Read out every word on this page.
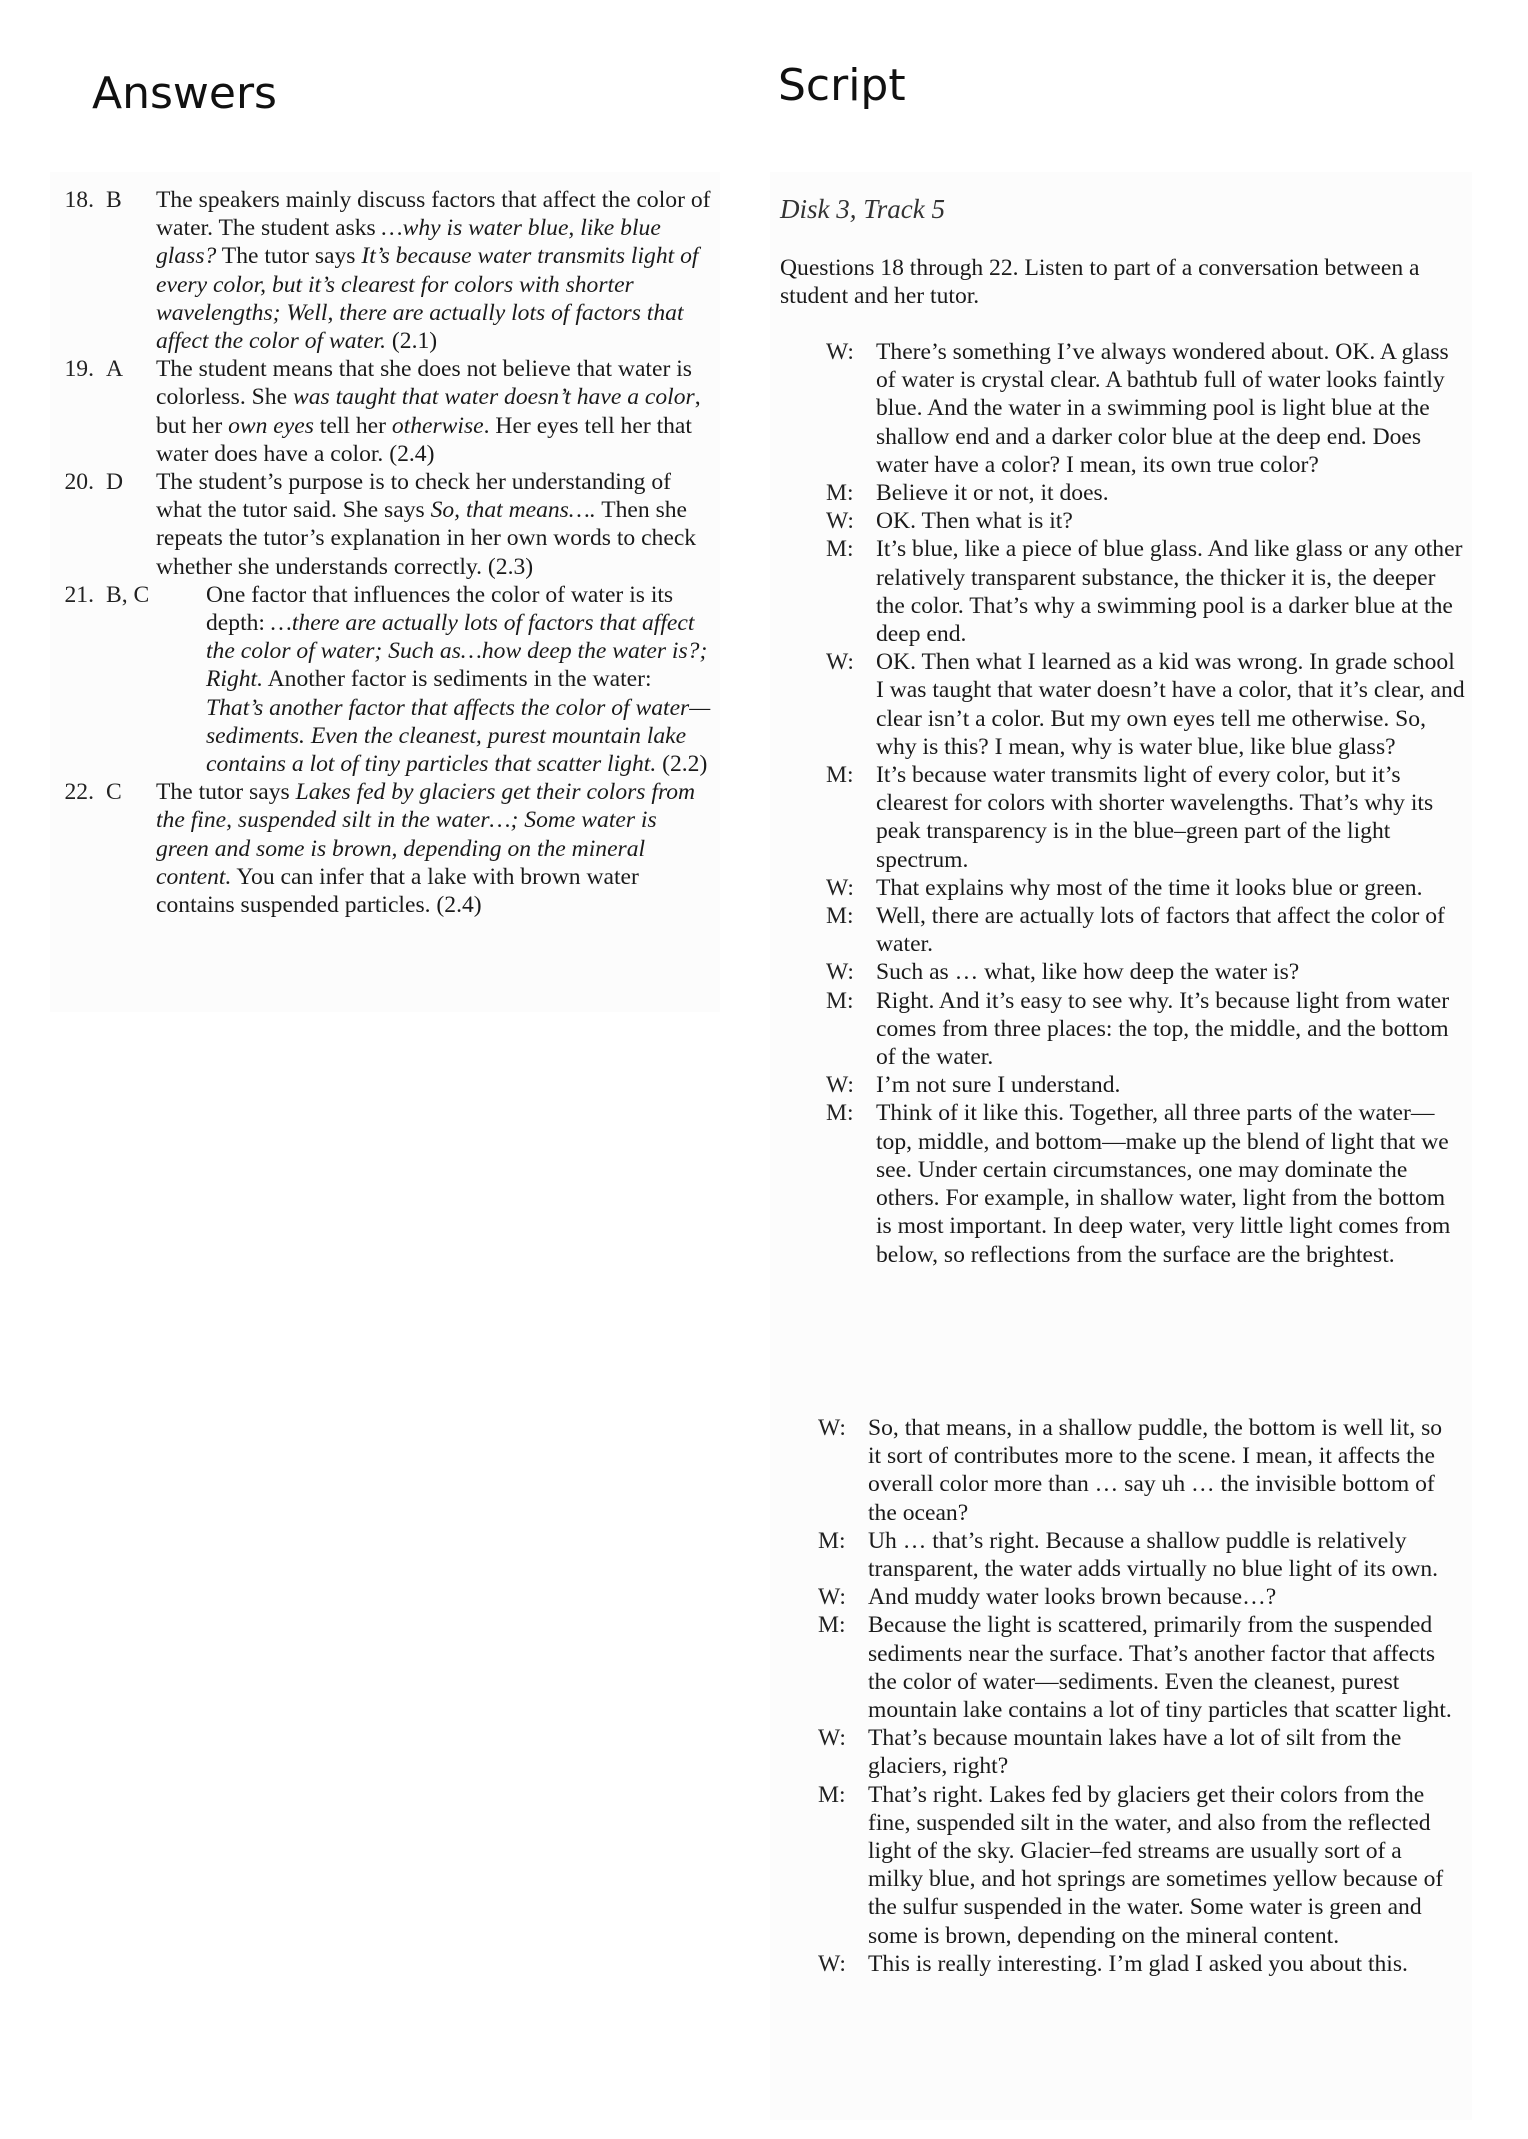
Answers	Script
18. B	The speakers mainly discuss factors that affect the color of water. The student asks …why is water blue, like blue glass? The tutor says It’s because water transmits light of every color, but it’s clearest for colors with shorter wavelengths; Well, there are actually lots of factors that affect the color of water. (2.1)
19. A	The student means that she does not believe that water is colorless. She was taught that water doesn’t have a color, but her own eyes tell her otherwise. Her eyes tell her that water does have a color. (2.4)
20. D	The student’s purpose is to check her understanding of what the tutor said. She says So, that means…. Then she repeats the tutor’s explanation in her own words to check whether she understands correctly. (2.3)
21. B, C	One factor that influences the color of water is its depth: …there are actually lots of factors that affect the color of water; Such as…how deep the water is?; Right. Another factor is sediments in the water: That’s another factor that affects the color of water—sediments. Even the cleanest, purest mountain lake contains a lot of tiny particles that scatter light. (2.2)
22. C	The tutor says Lakes fed by glaciers get their colors from the fine, suspended silt in the water…; Some water is green and some is brown, depending on the mineral content. You can infer that a lake with brown water contains suspended particles. (2.4)

Disk 3, Track 5

Questions 18 through 22. Listen to part of a conversation between a student and her tutor.

W: There’s something I’ve always wondered about. OK. A glass of water is crystal clear. A bathtub full of water looks faintly blue. And the water in a swimming pool is light blue at the shallow end and a darker color blue at the deep end. Does water have a color? I mean, its own true color?
M: Believe it or not, it does.
W: OK. Then what is it?
M: It’s blue, like a piece of blue glass. And like glass or any other relatively transparent substance, the thicker it is, the deeper the color. That’s why a swimming pool is a darker blue at the deep end.
W: OK. Then what I learned as a kid was wrong. In grade school I was taught that water doesn’t have a color, that it’s clear, and clear isn’t a color. But my own eyes tell me otherwise. So, why is this? I mean, why is water blue, like blue glass?
M: It’s because water transmits light of every color, but it’s clearest for colors with shorter wavelengths. That’s why its peak transparency is in the blue–green part of the light spectrum.
W: That explains why most of the time it looks blue or green.
M: Well, there are actually lots of factors that affect the color of water.
W: Such as … what, like how deep the water is?
M: Right. And it’s easy to see why. It’s because light from water comes from three places: the top, the middle, and the bottom of the water.
W: I’m not sure I understand.
M: Think of it like this. Together, all three parts of the water—top, middle, and bottom—make up the blend of light that we see. Under certain circumstances, one may dominate the others. For example, in shallow water, light from the bottom is most important. In deep water, very little light comes from below, so reflections from the surface are the brightest.
W: So, that means, in a shallow puddle, the bottom is well lit, so it sort of contributes more to the scene. I mean, it affects the overall color more than … say uh … the invisible bottom of the ocean?
M: Uh … that’s right. Because a shallow puddle is relatively transparent, the water adds virtually no blue light of its own.
W: And muddy water looks brown because…?
M: Because the light is scattered, primarily from the suspended sediments near the surface. That’s another factor that affects the color of water—sediments. Even the cleanest, purest mountain lake contains a lot of tiny particles that scatter light.
W: That’s because mountain lakes have a lot of silt from the glaciers, right?
M: That’s right. Lakes fed by glaciers get their colors from the fine, suspended silt in the water, and also from the reflected light of the sky. Glacier–fed streams are usually sort of a milky blue, and hot springs are sometimes yellow because of the sulfur suspended in the water. Some water is green and some is brown, depending on the mineral content.
W: This is really interesting. I’m glad I asked you about this.
